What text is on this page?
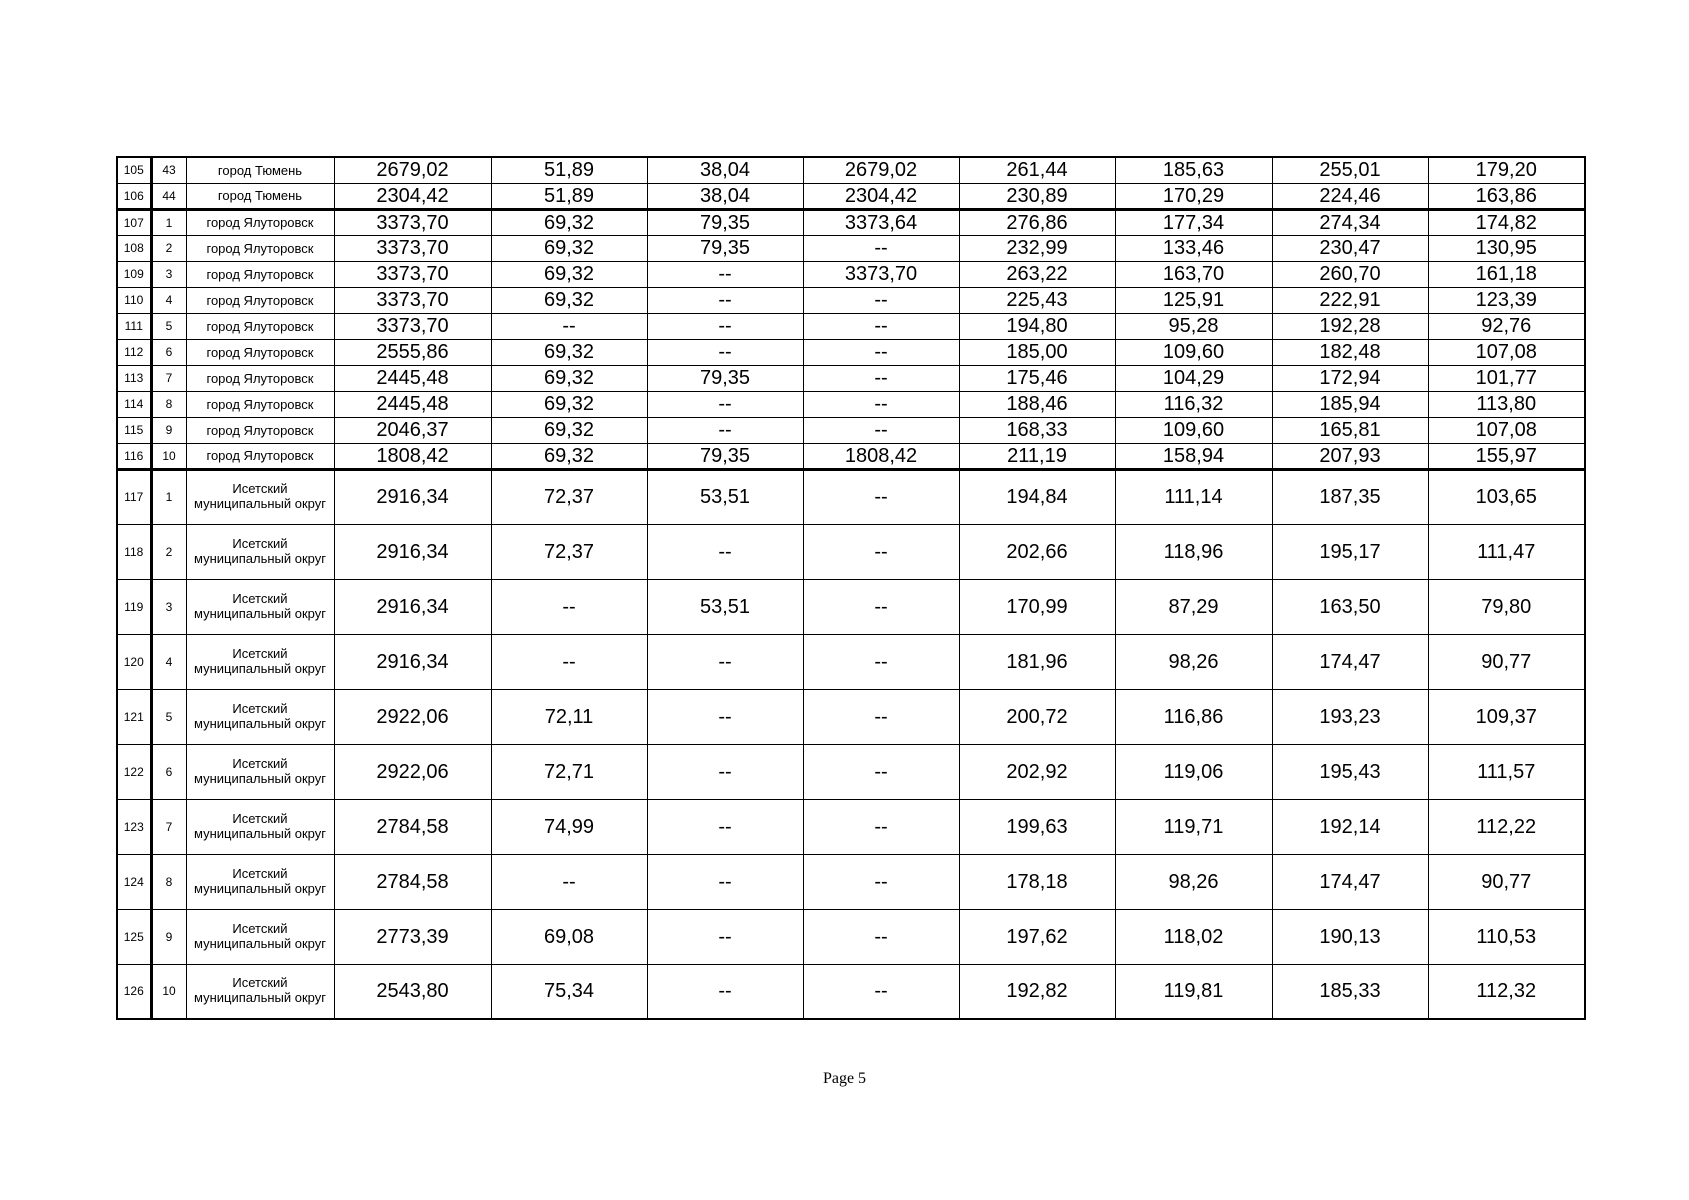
105	43	город Тюмень	2679,02	51,89	38,04	2679,02	261,44	185,63	255,01	179,20
106	44	город Тюмень	2304,42	51,89	38,04	2304,42	230,89	170,29	224,46	163,86
107	1	город Ялуторовск	3373,70	69,32	79,35	3373,64	276,86	177,34	274,34	174,82
108	2	город Ялуторовск	3373,70	69,32	79,35	--	232,99	133,46	230,47	130,95
109	3	город Ялуторовск	3373,70	69,32	--	3373,70	263,22	163,70	260,70	161,18
110	4	город Ялуторовск	3373,70	69,32	--	--	225,43	125,91	222,91	123,39
111	5	город Ялуторовск	3373,70	--	--	--	194,80	95,28	192,28	92,76
112	6	город Ялуторовск	2555,86	69,32	--	--	185,00	109,60	182,48	107,08
113	7	город Ялуторовск	2445,48	69,32	79,35	--	175,46	104,29	172,94	101,77
114	8	город Ялуторовск	2445,48	69,32	--	--	188,46	116,32	185,94	113,80
115	9	город Ялуторовск	2046,37	69,32	--	--	168,33	109,60	165,81	107,08
116	10	город Ялуторовск	1808,42	69,32	79,35	1808,42	211,19	158,94	207,93	155,97
117	1	Исетский муниципальный округ	2916,34	72,37	53,51	--	194,84	111,14	187,35	103,65
118	2	Исетский муниципальный округ	2916,34	72,37	--	--	202,66	118,96	195,17	111,47
119	3	Исетский муниципальный округ	2916,34	--	53,51	--	170,99	87,29	163,50	79,80
120	4	Исетский муниципальный округ	2916,34	--	--	--	181,96	98,26	174,47	90,77
121	5	Исетский муниципальный округ	2922,06	72,11	--	--	200,72	116,86	193,23	109,37
122	6	Исетский муниципальный округ	2922,06	72,71	--	--	202,92	119,06	195,43	111,57
123	7	Исетский муниципальный округ	2784,58	74,99	--	--	199,63	119,71	192,14	112,22
124	8	Исетский муниципальный округ	2784,58	--	--	--	178,18	98,26	174,47	90,77
125	9	Исетский муниципальный округ	2773,39	69,08	--	--	197,62	118,02	190,13	110,53
126	10	Исетский муниципальный округ	2543,80	75,34	--	--	192,82	119,81	185,33	112,32
Page 5
